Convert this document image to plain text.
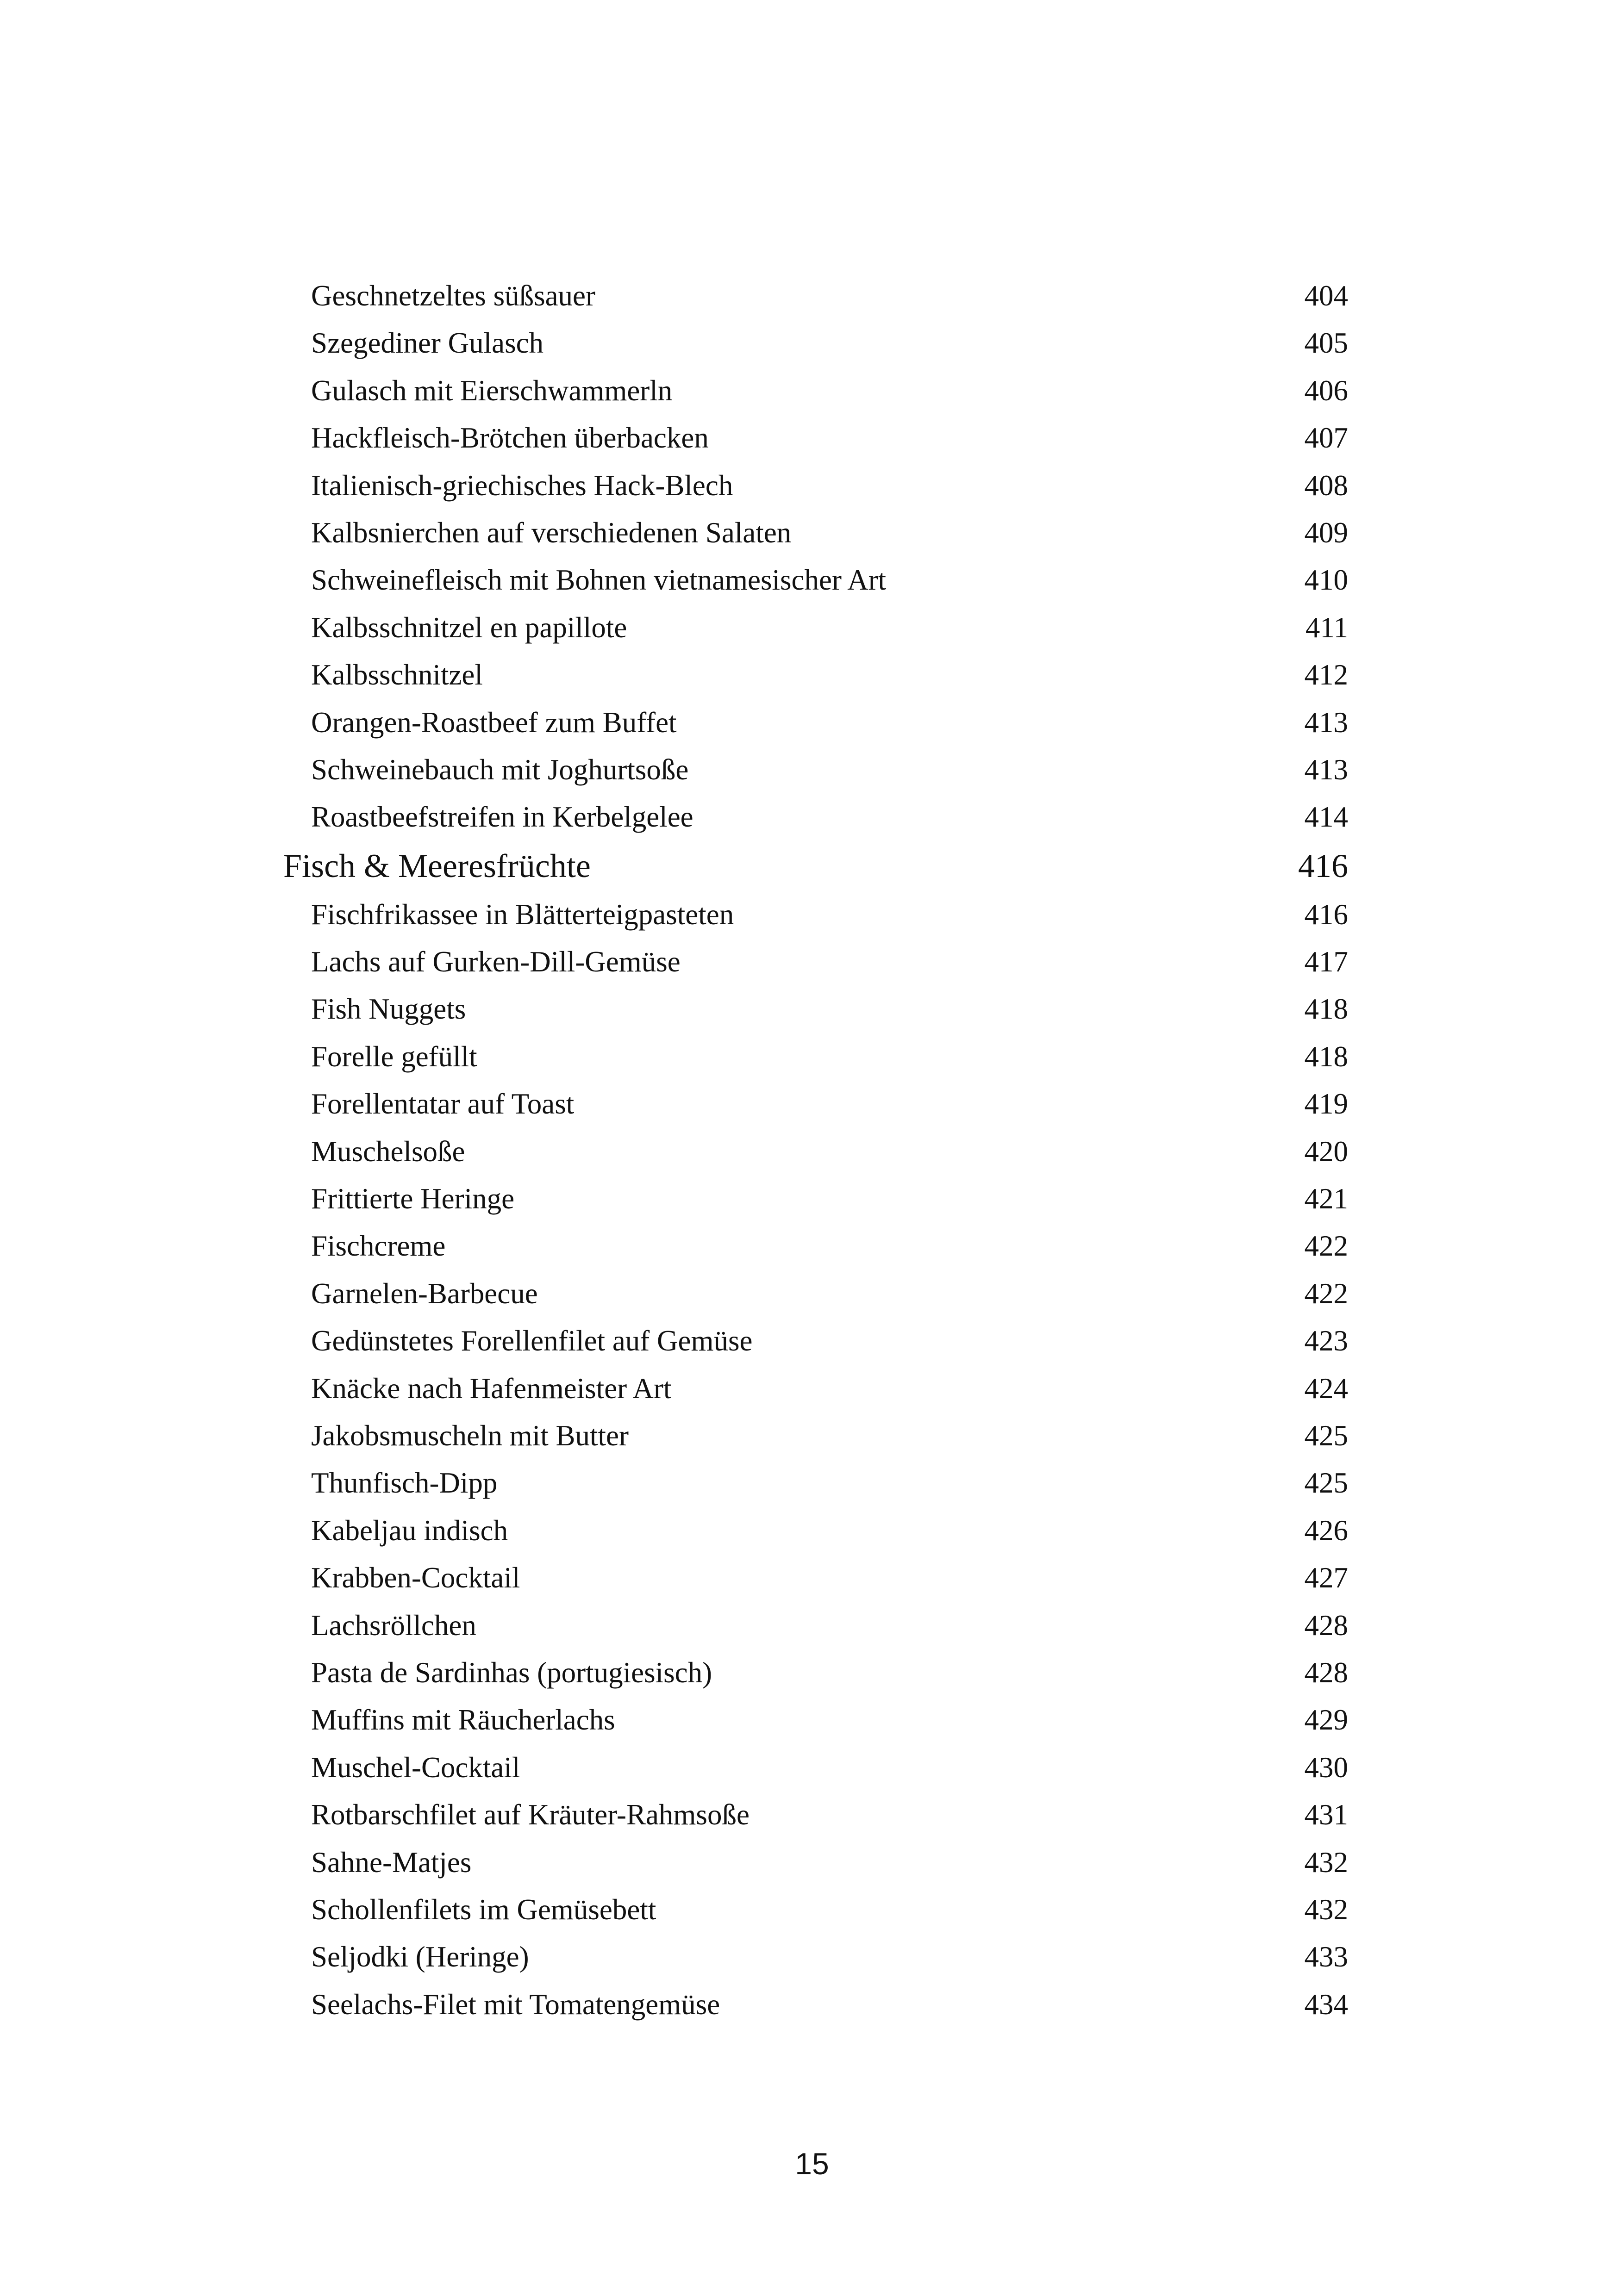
Geschnetzeltes süßsauer	404
Szegediner Gulasch	405
Gulasch mit Eierschwammerln	406
Hackfleisch-Brötchen überbacken	407
Italienisch-griechisches Hack-Blech	408
Kalbsnierchen auf verschiedenen Salaten	409
Schweinefleisch mit Bohnen vietnamesischer Art	410
Kalbsschnitzel en papillote	411
Kalbsschnitzel	412
Orangen-Roastbeef zum Buffet	413
Schweinebauch mit Joghurtsoße	413
Roastbeefstreifen in Kerbelgelee	414
Fisch & Meeresfrüchte	416
Fischfrikassee in Blätterteigpasteten	416
Lachs auf Gurken-Dill-Gemüse	417
Fish Nuggets	418
Forelle gefüllt	418
Forellentatar auf Toast	419
Muschelsoße	420
Frittierte Heringe	421
Fischcreme	422
Garnelen-Barbecue	422
Gedünstetes Forellenfilet auf Gemüse	423
Knäcke nach Hafenmeister Art	424
Jakobsmuscheln mit Butter	425
Thunfisch-Dipp	425
Kabeljau indisch	426
Krabben-Cocktail	427
Lachsröllchen	428
Pasta de Sardinhas (portugiesisch)	428
Muffins mit Räucherlachs	429
Muschel-Cocktail	430
Rotbarschfilet auf Kräuter-Rahmsoße	431
Sahne-Matjes	432
Schollenfilets im Gemüsebett	432
Seljodki (Heringe)	433
Seelachs-Filet mit Tomatengemüse	434
15
